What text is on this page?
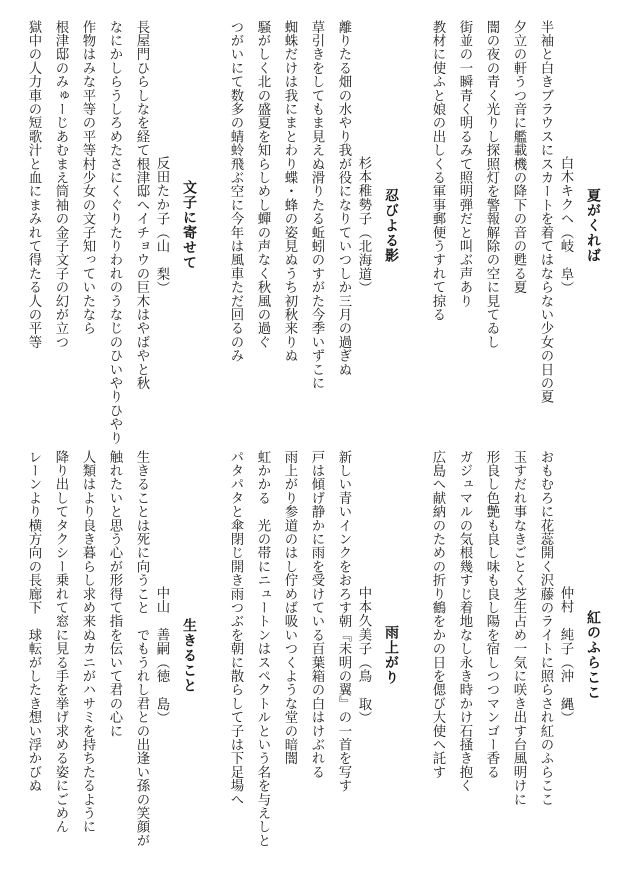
夏がくれば
白木キクヘ（岐　阜）
半袖と白きブラウスにスカートを着てはならない少女の日の夏
夕立の軒うつ音に艦載機の降下の音の甦る夏
闇の夜の青く光りし探照灯を警報解除の空に見てゐし
街並の一瞬青く明るみて照明弾だと叫ぶ声あり
教材に使ふと娘の出しくる軍事郵便うすれて掠る
忍びよる影
杉本稚勢子（北海道）
離りたる畑の水やり我が役になりていつしか三月の過ぎぬ
草引きをしてもま見えぬ滑りたる蚯蚓のすがた今季いずこに
蜘蛛だけは我にまとわり蝶・蜂の姿見ぬうち初秋来りぬ
騒がしく北の盛夏を知らしめし蟬の声なく秋風の過ぐ
つがいにて数多の蜻蛉飛ぶ空に今年は風車ただ回るのみ
文子に寄せて
反田たか子（山　梨）
長屋門ひらしなを経て根津邸へイチョウの巨木はやばやと秋
なにかしらうしろめたさにくぐりたりわれのうなじのひいやりひやり
作物はみな平等の平等村少女の文子知っていたなら
根津邸のみゅーじあむまえ筒袖の金子文子の幻が立つ
獄中の人力車の短歌汁と血にまみれて得たる人の平等
紅のふらここ
仲村　純子（沖　縄）
おもむろに花蕊開く沢藤のライトに照らされ紅のふらここ
玉すだれ事なきごとく芝生占め一気に咲き出す台風明けに
形良し色艶も良し味も良し陽を宿しつつマンゴー香る
ガジュマルの気根幾すじ着地なし永き時かけ石掻き抱く
広島へ献納のための折り鶴をかの日を偲び大使へ託す
雨上がり
中本久美子（鳥　取）
新しい青いインクをおろす朝『未明の翼』の一首を写す
戸は傾げ静かに雨を受けている百葉箱の白はけぶれる
雨上がり参道のはし佇めば吸いつくような堂の暗闇
虹かかる　光の帯にニュートンはスペクトルという名を与えしと
パタパタと傘閉じ開き雨つぶを朝に散らして子は下足場へ
生きること
中山　善嗣（徳　島）
生きることは死に向うこと　でもうれし君との出逢い孫の笑顔が
触れたいと思う心が形得て指を伝いて君の心に
人類はより良き暮らし求め来ぬカニがハサミを持ちたるように
降り出してタクシー乗れて窓に見る手を挙げ求める姿にごめん
レーンより横方向の長廊下　球転がしたき想い浮かびぬ
